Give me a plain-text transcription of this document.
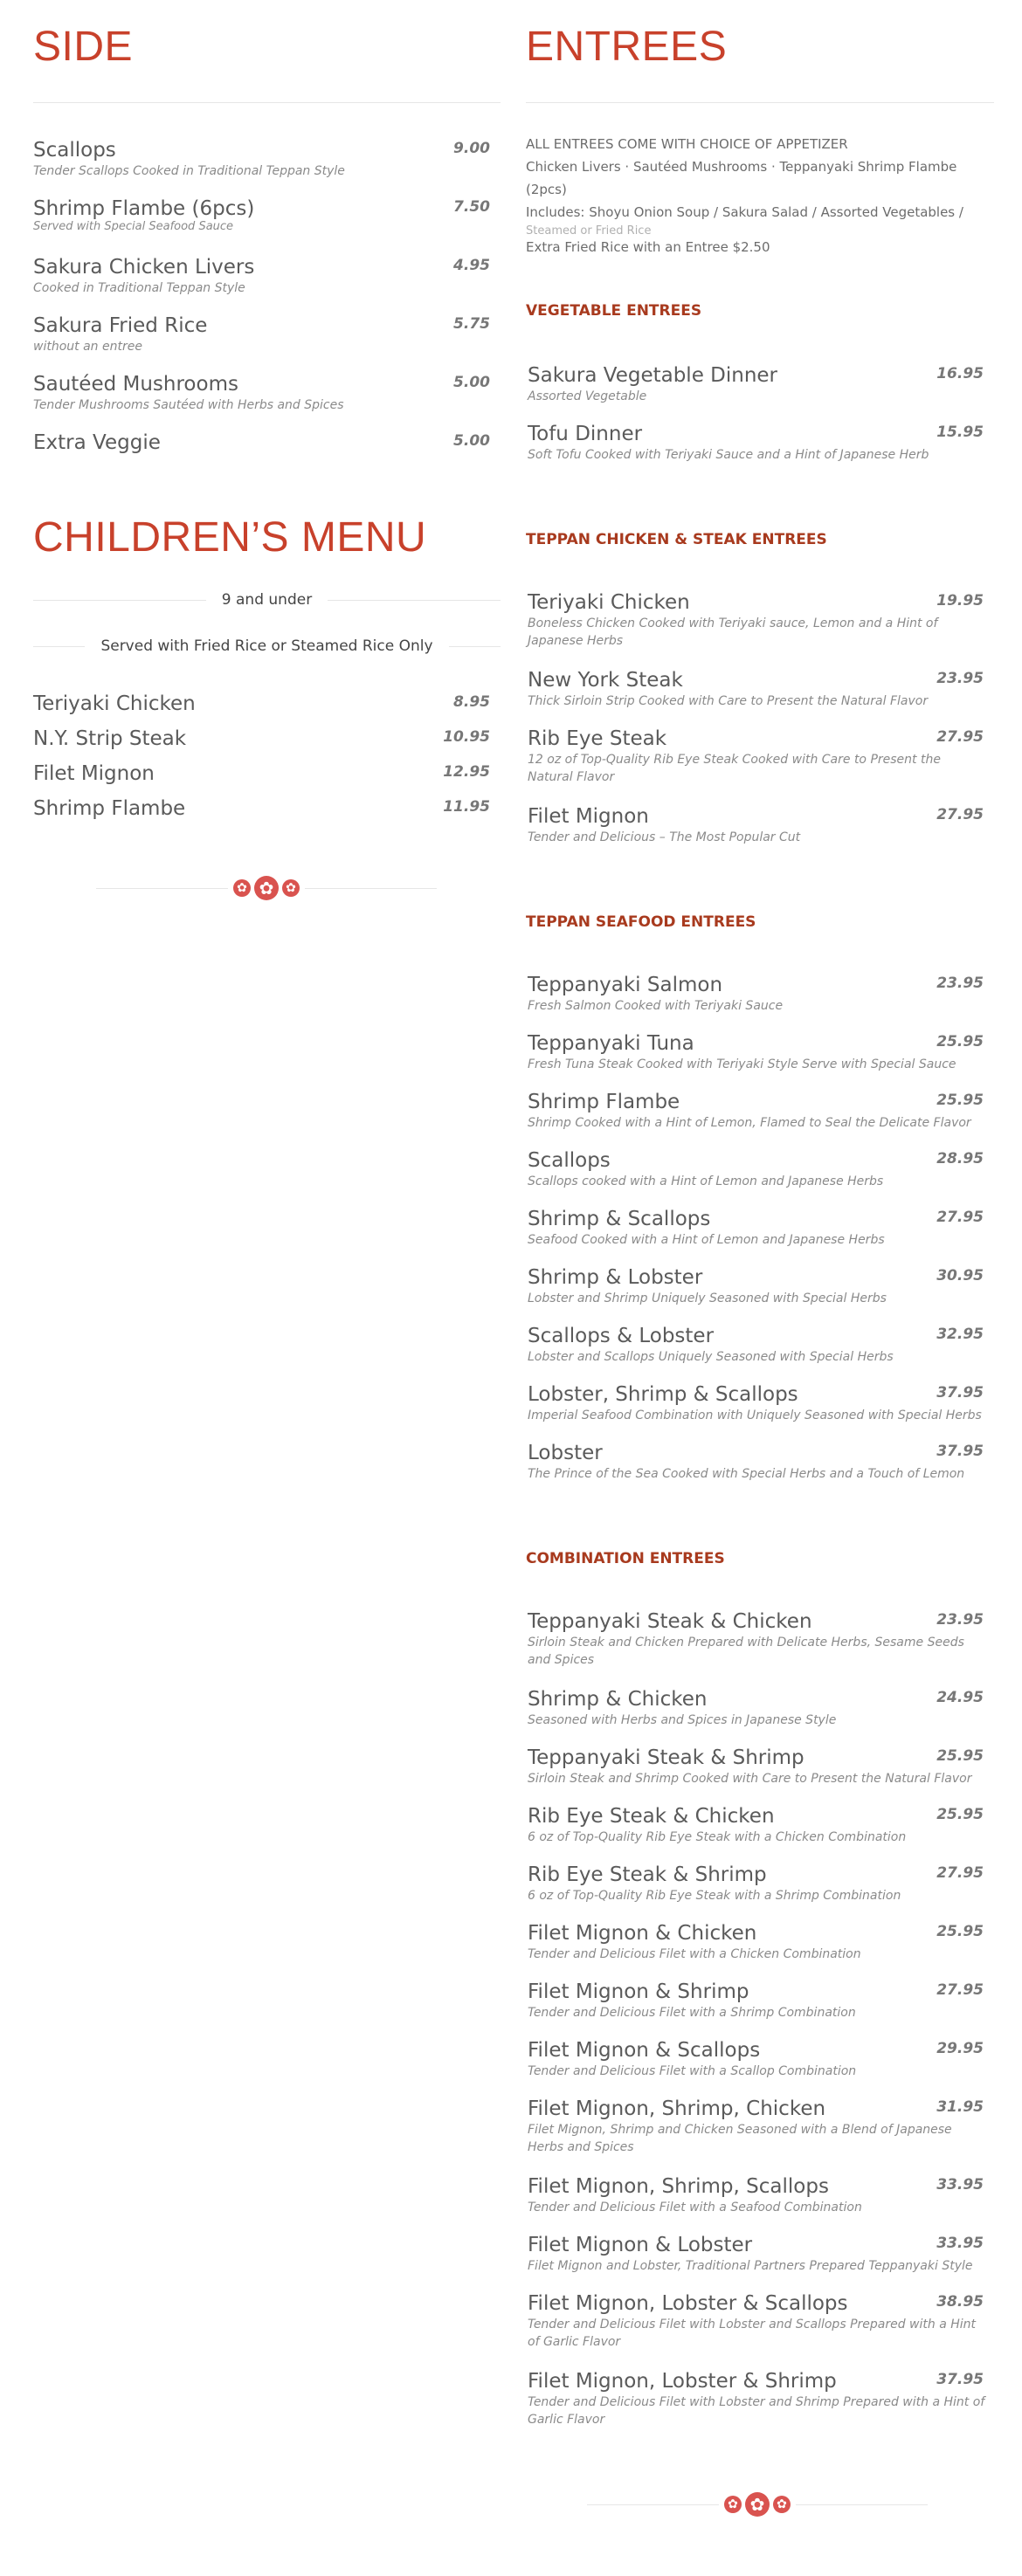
SIDE
Scallops	9.00
Tender Scallops Cooked in Traditional Teppan Style
Shrimp Flambe (6pcs)	7.50
Served with Special Seafood Sauce
Sakura Chicken Livers	4.95
Cooked in Traditional Teppan Style
Sakura Fried Rice	5.75
without an entree
Sautéed Mushrooms	5.00
Tender Mushrooms Sautéed with Herbs and Spices
Extra Veggie	5.00
CHILDREN’S MENU
9 and under
Served with Fried Rice or Steamed Rice Only
Teriyaki Chicken	8.95
N.Y. Strip Steak	10.95
Filet Mignon	12.95
Shrimp Flambe	11.95
✿
✿
✿
ENTREES
ALL ENTREES COME WITH CHOICE OF APPETIZER
Chicken Livers · Sautéed Mushrooms · Teppanyaki Shrimp Flambe
(2pcs)
Includes: Shoyu Onion Soup / Sakura Salad / Assorted Vegetables /
Steamed or Fried Rice
Extra Fried Rice with an Entree $2.50
VEGETABLE ENTREES
Sakura Vegetable Dinner	16.95
Assorted Vegetable
Tofu Dinner	15.95
Soft Tofu Cooked with Teriyaki Sauce and a Hint of Japanese Herb
TEPPAN CHICKEN & STEAK ENTREES
Teriyaki Chicken	19.95
Boneless Chicken Cooked with Teriyaki sauce, Lemon and a Hint of Japanese Herbs
New York Steak	23.95
Thick Sirloin Strip Cooked with Care to Present the Natural Flavor
Rib Eye Steak	27.95
12 oz of Top-Quality Rib Eye Steak Cooked with Care to Present the Natural Flavor
Filet Mignon	27.95
Tender and Delicious – The Most Popular Cut
TEPPAN SEAFOOD ENTREES
Teppanyaki Salmon	23.95
Fresh Salmon Cooked with Teriyaki Sauce
Teppanyaki Tuna	25.95
Fresh Tuna Steak Cooked with Teriyaki Style Serve with Special Sauce
Shrimp Flambe	25.95
Shrimp Cooked with a Hint of Lemon, Flamed to Seal the Delicate Flavor
Scallops	28.95
Scallops cooked with a Hint of Lemon and Japanese Herbs
Shrimp & Scallops	27.95
Seafood Cooked with a Hint of Lemon and Japanese Herbs
Shrimp & Lobster	30.95
Lobster and Shrimp Uniquely Seasoned with Special Herbs
Scallops & Lobster	32.95
Lobster and Scallops Uniquely Seasoned with Special Herbs
Lobster, Shrimp & Scallops	37.95
Imperial Seafood Combination with Uniquely Seasoned with Special Herbs
Lobster	37.95
The Prince of the Sea Cooked with Special Herbs and a Touch of Lemon
COMBINATION ENTREES
Teppanyaki Steak & Chicken	23.95
Sirloin Steak and Chicken Prepared with Delicate Herbs, Sesame Seeds and Spices
Shrimp & Chicken	24.95
Seasoned with Herbs and Spices in Japanese Style
Teppanyaki Steak & Shrimp	25.95
Sirloin Steak and Shrimp Cooked with Care to Present the Natural Flavor
Rib Eye Steak & Chicken	25.95
6 oz of Top-Quality Rib Eye Steak with a Chicken Combination
Rib Eye Steak & Shrimp	27.95
6 oz of Top-Quality Rib Eye Steak with a Shrimp Combination
Filet Mignon & Chicken	25.95
Tender and Delicious Filet with a Chicken Combination
Filet Mignon & Shrimp	27.95
Tender and Delicious Filet with a Shrimp Combination
Filet Mignon & Scallops	29.95
Tender and Delicious Filet with a Scallop Combination
Filet Mignon, Shrimp, Chicken	31.95
Filet Mignon, Shrimp and Chicken Seasoned with a Blend of Japanese Herbs and Spices
Filet Mignon, Shrimp, Scallops	33.95
Tender and Delicious Filet with a Seafood Combination
Filet Mignon & Lobster	33.95
Filet Mignon and Lobster, Traditional Partners Prepared Teppanyaki Style
Filet Mignon, Lobster & Scallops	38.95
Tender and Delicious Filet with Lobster and Scallops Prepared with a Hint of Garlic Flavor
Filet Mignon, Lobster & Shrimp	37.95
Tender and Delicious Filet with Lobster and Shrimp Prepared with a Hint of Garlic Flavor
✿
✿
✿
